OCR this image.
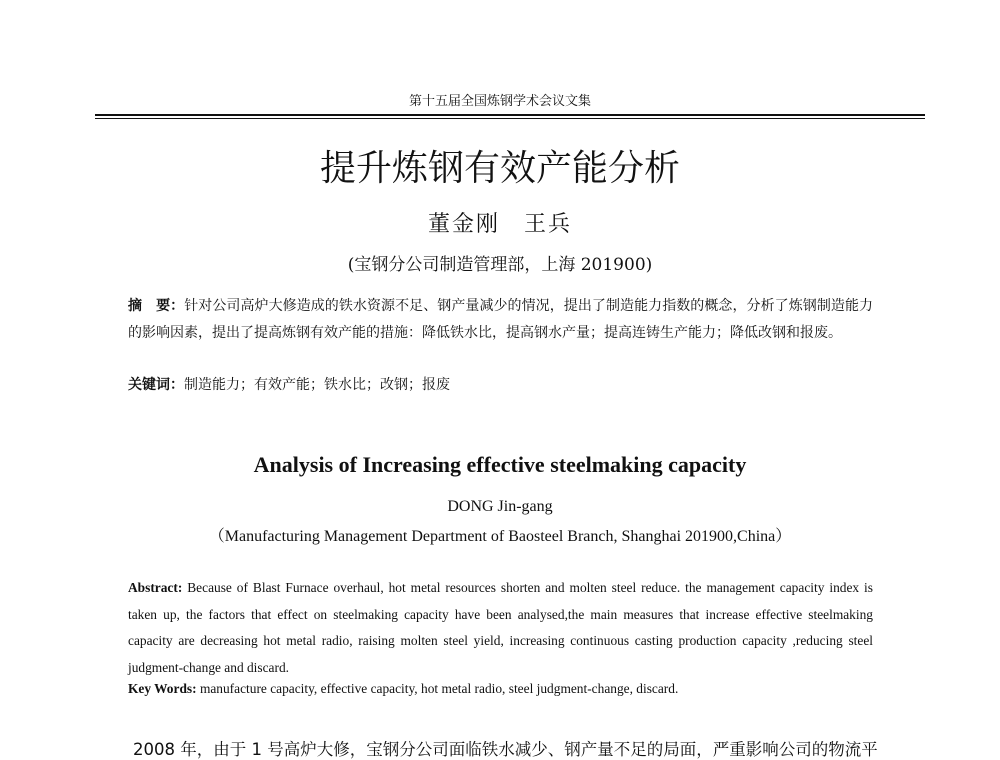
第十五届全国炼钢学术会议文集
提升炼钢有效产能分析
董金刚　王兵
(宝钢分公司制造管理部，上海 201900)
摘　要：针对公司高炉大修造成的铁水资源不足、钢产量减少的情况，提出了制造能力指数的概念，分析了炼钢制造能力的影响因素，提出了提高炼钢有效产能的措施：降低铁水比，提高钢水产量；提高连铸生产能力；降低改钢和报废。
关键词：制造能力；有效产能；铁水比；改钢；报废
Analysis of Increasing effective steelmaking capacity
DONG Jin-gang
（Manufacturing Management Department of Baosteel Branch, Shanghai 201900,China）
Abstract: Because of Blast Furnace overhaul, hot metal resources shorten and molten steel reduce. the management capacity index is taken up, the factors that effect on steelmaking capacity have been analysed,the main measures that increase effective steelmaking capacity are decreasing hot metal radio, raising molten steel yield, increasing continuous casting production capacity ,reducing steel judgment-change and discard.
Key Words: manufacture capacity, effective capacity, hot metal radio, steel judgment-change, discard.
2008 年，由于 1 号高炉大修，宝钢分公司面临铁水减少、钢产量不足的局面，严重影响公司的物流平
